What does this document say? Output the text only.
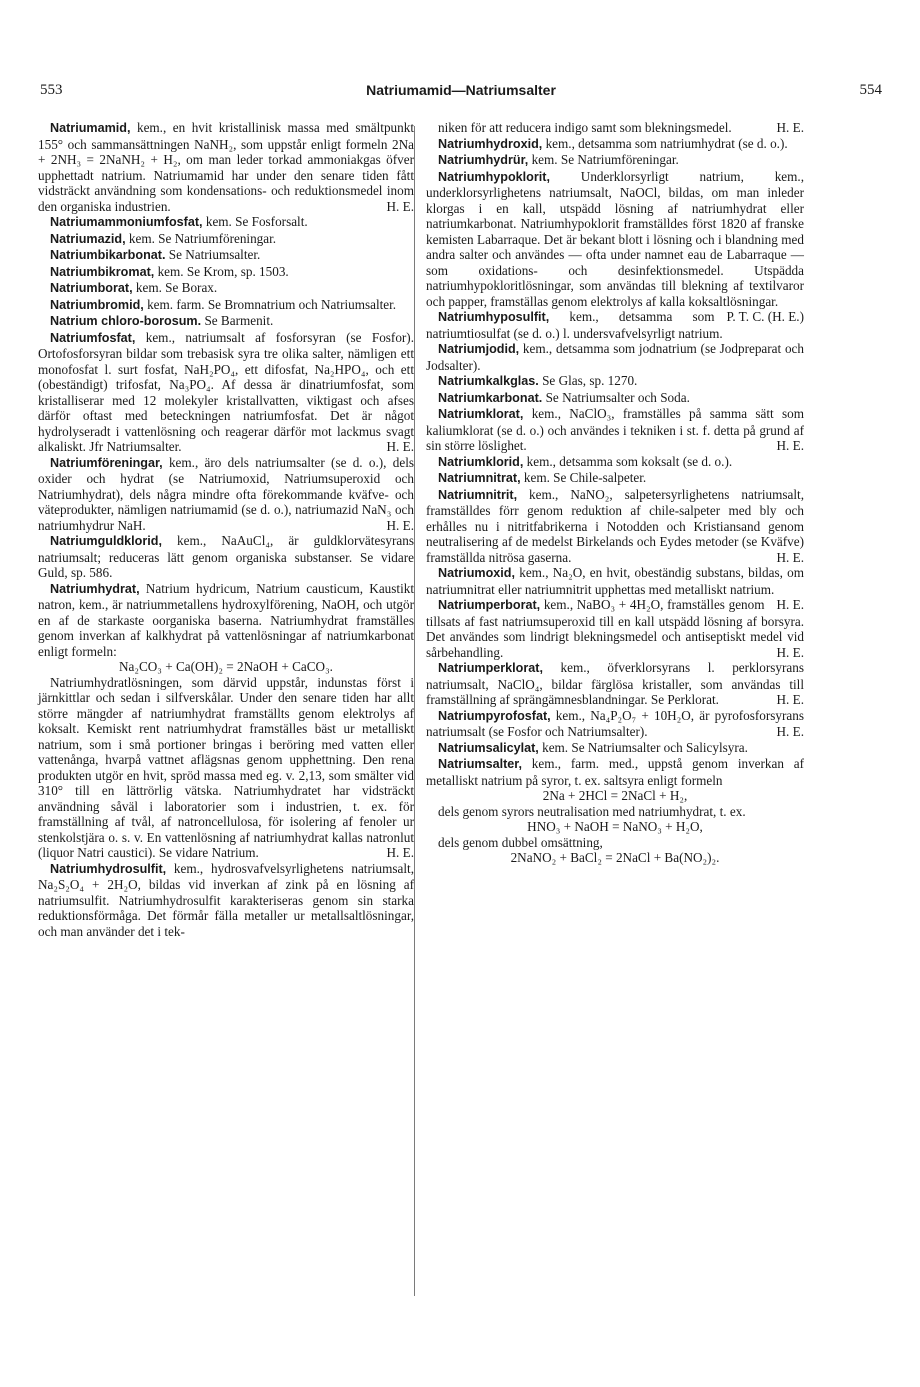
553	Natriumamid—Natriumsalter	554

Natriumamid, kem., en hvit kristallinisk massa med smältpunkt 155° och sammansättningen NaNH₂, som uppstår enligt formeln 2Na + 2NH₃ = 2NaNH₂ + H₂, om man leder torkad ammoniakgas öfver upphettadt natrium. Natriumamid har under den senare tiden fått vidsträckt användning som kondensations- och reduktionsmedel inom den organiska industrien.	H. E.

Natriumammoniumfosfat, kem. Se Fosforsalt.

Natriumazid, kem. Se Natriumföreningar.

Natriumbikarbonat. Se Natriumsalter.

Natriumbikromat, kem. Se Krom, sp. 1503.

Natriumborat, kem. Se Borax.

Natriumbromid, kem. farm. Se Bromnatrium och Natriumsalter.

Natrium chloro-borosum. Se Barmenit.

Natriumfosfat, kem., natriumsalt af fosforsyran (se Fosfor). Ortofosforsyran bildar som trebasisk syra tre olika salter, nämligen ett monofosfat l. surt fosfat, NaH₂PO₄, ett difosfat, Na₂HPO₄, och ett (obeständigt) trifosfat, Na₃PO₄. Af dessa är dinatriumfosfat, som kristalliserar med 12 molekyler kristallvatten, viktigast och afses därför oftast med beteckningen natriumfosfat. Det är något hydrolyseradt i vattenlösning och reagerar därför mot lackmus svagt alkaliskt. Jfr Natriumsalter.	H. E.

Natriumföreningar, kem., äro dels natriumsalter (se d. o.), dels oxider och hydrat (se Natriumoxid, Natriumsuperoxid och Natriumhydrat), dels några mindre ofta förekommande kväfve- och väteprodukter, nämligen natriumamid (se d. o.), natriumazid NaN₃ och natriumhydrur NaH.	H. E.

Natriumguldklorid, kem., NaAuCl₄, är guldklorvätesyrans natriumsalt; reduceras lätt genom organiska substanser. Se vidare Guld, sp. 586.

Natriumhydrat, Natrium hydricum, Natrium causticum, Kaustikt natron, kem., är natriummetallens hydroxylförening, NaOH, och utgör en af de starkaste oorganiska baserna. Natriumhydrat framställes genom inverkan af kalkhydrat på vattenlösningar af natriumkarbonat enligt formeln:

Na₂CO₃ + Ca(OH)₂ = 2NaOH + CaCO₃.

Natriumhydratlösningen, som därvid uppstår, indunstas först i järnkittlar och sedan i silfverskålar. Under den senare tiden har allt större mängder af natriumhydrat framställts genom elektrolys af koksalt. Kemiskt rent natriumhydrat framställes bäst ur metalliskt natrium, som i små portioner bringas i beröring med vatten eller vattenånga, hvarpå vattnet aflägsnas genom upphettning. Den rena produkten utgör en hvit, spröd massa med eg. v. 2,13, som smälter vid 310° till en lättrörlig vätska. Natriumhydratet har vidsträckt användning såväl i laboratorier som i industrien, t. ex. för framställning af tvål, af natroncellulosa, för isolering af fenoler ur stenkolstjära o. s. v. En vattenlösning af natriumhydrat kallas natronlut (liquor Natri caustici). Se vidare Natrium.	H. E.

Natriumhydrosulfit, kem., hydrosvafvelsyrlighetens natriumsalt, Na₂S₂O₄ + 2H₂O, bildas vid inverkan af zink på en lösning af natriumsulfit. Natriumhydrosulfit karakteriseras genom sin starka reduktionsförmåga. Det förmår fälla metaller ur metallsaltlösningar, och man använder det i tek-

niken för att reducera indigo samt som blekningsmedel.	H. E.

Natriumhydroxid, kem., detsamma som natriumhydrat (se d. o.).

Natriumhydrür, kem. Se Natriumföreningar.

Natriumhypoklorit, Underklorsyrligt natrium, kem., underklorsyrlighetens natriumsalt, NaOCl, bildas, om man inleder klorgas i en kall, utspädd lösning af natriumhydrat eller natriumkarbonat. Natriumhypoklorit framställdes först 1820 af franske kemisten Labarraque. Det är bekant blott i lösning och i blandning med andra salter och användes — ofta under namnet eau de Labarraque — som oxidations- och desinfektionsmedel. Utspädda natriumhypokloritlösningar, som användas till blekning af textilvaror och papper, framställas genom elektrolys af kalla koksaltlösningar.
P. T. C. (H. E.)

Natriumhyposulfit, kem., detsamma som natriumtiosulfat (se d. o.) l. undersvafvelsyrligt natrium.

Natriumjodid, kem., detsamma som jodnatrium (se Jodpreparat och Jodsalter).

Natriumkalkglas. Se Glas, sp. 1270.

Natriumkarbonat. Se Natriumsalter och Soda.

Natriumklorat, kem., NaClO₃, framställes på samma sätt som kaliumklorat (se d. o.) och användes i tekniken i st. f. detta på grund af sin större löslighet.	H. E.

Natriumklorid, kem., detsamma som koksalt (se d. o.).

Natriumnitrat, kem. Se Chile-salpeter.

Natriumnitrit, kem., NaNO₂, salpetersyrlighetens natriumsalt, framställdes förr genom reduktion af chile-salpeter med bly och erhålles nu i nitritfabrikerna i Notodden och Kristiansand genom neutralisering af de medelst Birkelands och Eydes metoder (se Kväfve) framställda nitrösa gaserna.	H. E.

Natriumoxid, kem., Na₂O, en hvit, obeständig substans, bildas, om natriumnitrat eller natriumnitrit upphettas med metalliskt natrium.
H. E.

Natriumperborat, kem., NaBO₃ + 4H₂O, framställes genom tillsats af fast natriumsuperoxid till en kall utspädd lösning af borsyra. Det användes som lindrigt blekningsmedel och antiseptiskt medel vid sårbehandling.	H. E.

Natriumperklorat, kem., öfverklorsyrans l. perklorsyrans natriumsalt, NaClO₄, bildar färglösa kristaller, som användas till framställning af sprängämnesblandningar. Se Perklorat.	H. E.

Natriumpyrofosfat, kem., Na₄P₂O₇ + 10H₂O, är pyrofosforsyrans natriumsalt (se Fosfor och Natriumsalter).	H. E.

Natriumsalicylat, kem. Se Natriumsalter och Salicylsyra.

Natriumsalter, kem., farm. med., uppstå genom inverkan af metalliskt natrium på syror, t. ex. saltsyra enligt formeln

2Na + 2HCl = 2NaCl + H₂,

dels genom syrors neutralisation med natriumhydrat, t. ex.

HNO₃ + NaOH = NaNO₃ + H₂O,

dels genom dubbel omsättning,

2NaNO₂ + BaCl₂ = 2NaCl + Ba(NO₂)₂.
